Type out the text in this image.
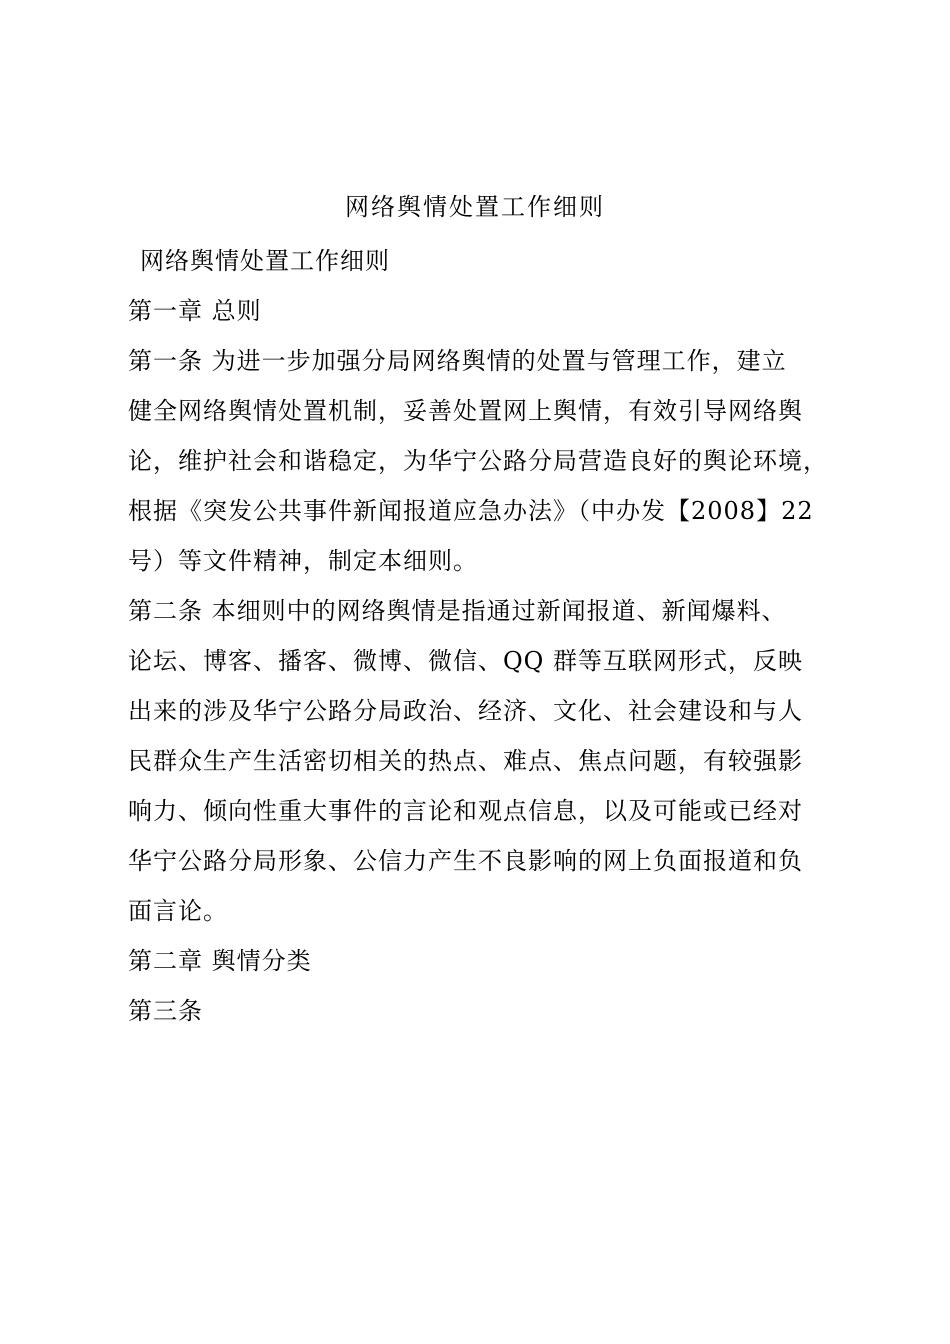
网络舆情处置工作细则

网络舆情处置工作细则

第一章 总则

第一条 为进一步加强分局网络舆情的处置与管理工作，建立
健全网络舆情处置机制，妥善处置网上舆情，有效引导网络舆
论，维护社会和谐稳定，为华宁公路分局营造良好的舆论环境，
根据《突发公共事件新闻报道应急办法》（中办发【2008】22
号）等文件精神，制定本细则。

第二条 本细则中的网络舆情是指通过新闻报道、新闻爆料、
论坛、博客、播客、微博、微信、QQ 群等互联网形式，反映
出来的涉及华宁公路分局政治、经济、文化、社会建设和与人
民群众生产生活密切相关的热点、难点、焦点问题，有较强影
响力、倾向性重大事件的言论和观点信息，以及可能或已经对
华宁公路分局形象、公信力产生不良影响的网上负面报道和负
面言论。

第二章 舆情分类

第三条
